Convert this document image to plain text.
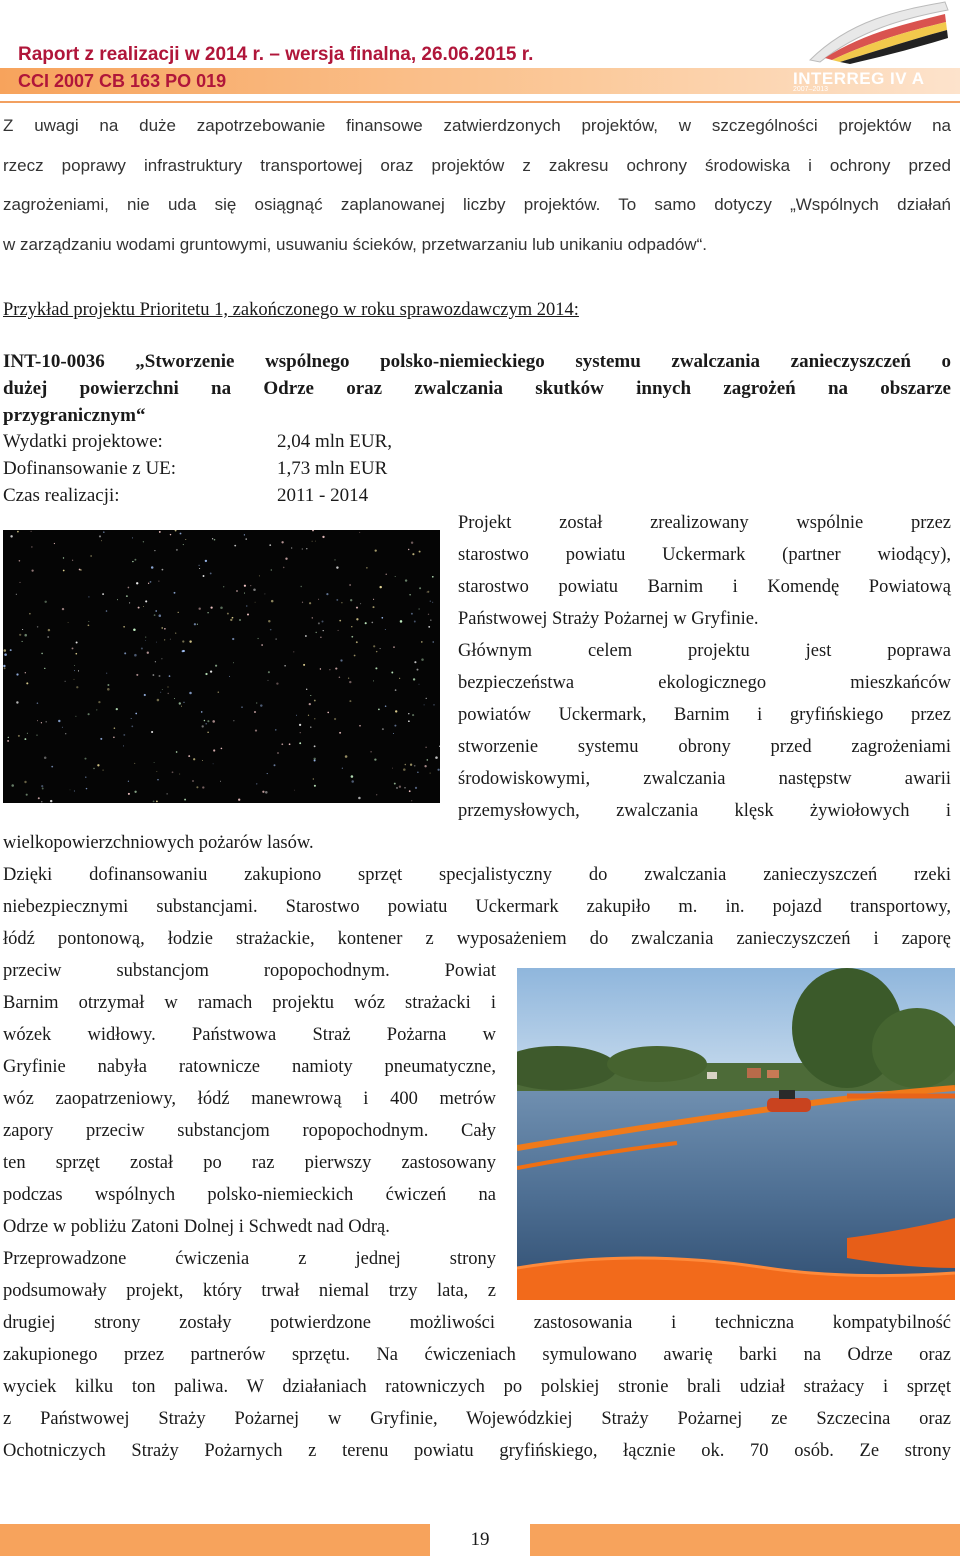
Raport z realizacji w 2014 r. – wersja finalna, 26.06.2015 r.
CCI 2007 CB 163 PO 019	INTERREG IV A
2007–2013

Z uwagi na duże zapotrzebowanie finansowe zatwierdzonych projektów, w szczególności projektów na

rzecz poprawy infrastruktury transportowej oraz projektów z zakresu ochrony środowiska i ochrony przed

zagrożeniami, nie uda się osiągnąć zaplanowanej liczby projektów. To samo dotyczy „Wspólnych działań

w zarządzaniu wodami gruntowymi, usuwaniu ścieków, przetwarzaniu lub unikaniu odpadów“.

Przykład projektu Prioritetu 1, zakończonego w roku sprawozdawczym 2014:

INT-10-0036 „Stworzenie wspólnego polsko-niemieckiego systemu zwalczania zanieczyszczeń o

dużej powierzchni na Odrze oraz zwalczania skutków innych zagrożeń na obszarze

przygranicznym“

Wydatki projektowe:	2,04 mln EUR,
Dofinansowanie z UE:	1,73 mln EUR
Czas realizacji:	2011 - 2014

Projekt został zrealizowany wspólnie przez

starostwo powiatu Uckermark (partner wiodący),

starostwo powiatu Barnim i Komendę Powiatową

Państwowej Straży Pożarnej w Gryfinie.

Głównym celem projektu jest poprawa

bezpieczeństwa ekologicznego mieszkańców

powiatów Uckermark, Barnim i gryfińskiego przez

stworzenie systemu obrony przed zagrożeniami

środowiskowymi, zwalczania następstw awarii

przemysłowych, zwalczania klęsk żywiołowych i

wielkopowierzchniowych pożarów lasów.

Dzięki dofinansowaniu zakupiono sprzęt specjalistyczny do zwalczania zanieczyszczeń rzeki

niebezpiecznymi substancjami. Starostwo powiatu Uckermark zakupiło m. in. pojazd transportowy,

łódź pontonową, łodzie strażackie, kontener z wyposażeniem do zwalczania zanieczyszczeń i zaporę

przeciw substancjom ropopochodnym. Powiat

Barnim otrzymał w ramach projektu wóz strażacki i

wózek widłowy. Państwowa Straż Pożarna w

Gryfinie nabyła ratownicze namioty pneumatyczne,

wóz zaopatrzeniowy, łódź manewrową i 400 metrów

zapory przeciw substancjom ropopochodnym. Cały

ten sprzęt został po raz pierwszy zastosowany

podczas wspólnych polsko-niemieckich ćwiczeń na

Odrze w pobliżu Zatoni Dolnej i Schwedt nad Odrą.

Przeprowadzone ćwiczenia z jednej strony

podsumowały projekt, który trwał niemal trzy lata, z

drugiej strony zostały potwierdzone możliwości zastosowania i techniczna kompatybilność

zakupionego przez partnerów sprzętu. Na ćwiczeniach symulowano awarię barki na Odrze oraz

wyciek kilku ton paliwa. W działaniach ratowniczych po polskiej stronie brali udział strażacy i sprzęt

z Państwowej Straży Pożarnej w Gryfinie, Wojewódzkiej Straży Pożarnej ze Szczecina oraz

Ochotniczych Straży Pożarnych z terenu powiatu gryfińskiego, łącznie ok. 70 osób. Ze strony

19
